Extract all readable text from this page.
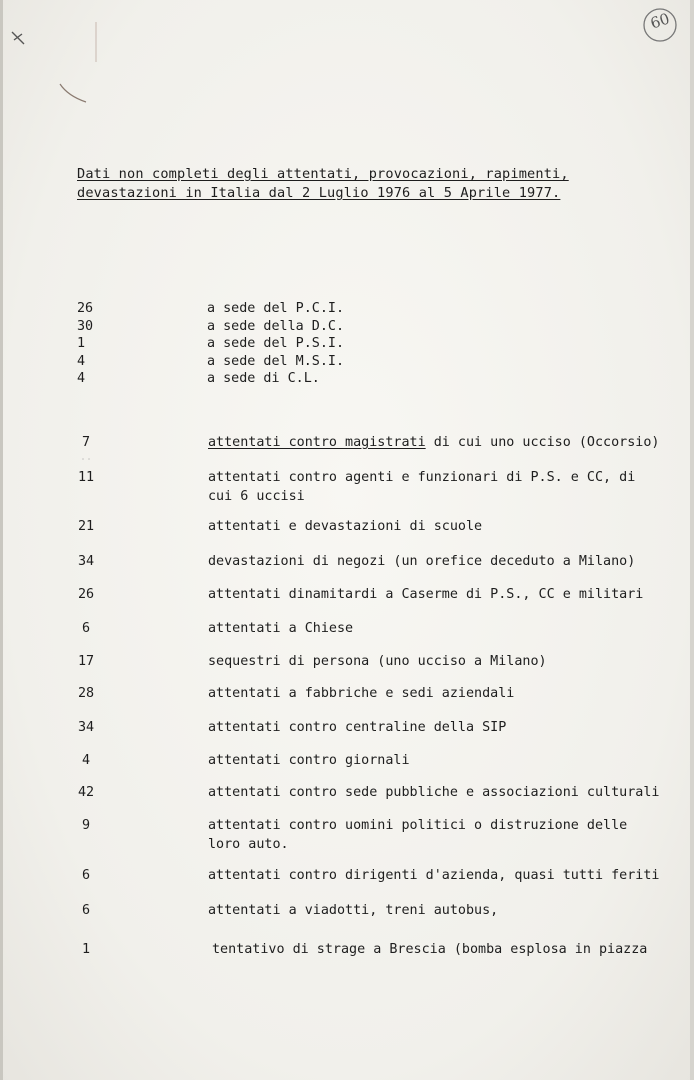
60
Dati non completi degli attentati, provocazioni, rapimenti,
devastazioni in Italia dal 2 Luglio 1976 al 5 Aprile 1977.
26	a sede del P.C.I.
30	a sede della D.C.
1	a sede del P.S.I.
4	a sede del M.S.I.
4	a sede di C.L.
7	attentati contro magistrati di cui uno ucciso (Occorsio)
˙˙
11	attentati contro agenti e funzionari di P.S. e CC, di
cui 6 uccisi
21	attentati e devastazioni di scuole
34	devastazioni di negozi (un orefice deceduto a Milano)
26	attentati dinamitardi a Caserme di P.S., CC e militari
6	attentati a Chiese
17	sequestri di persona (uno ucciso a Milano)
28	attentati a fabbriche e sedi aziendali
34	attentati contro centraline della SIP
4	attentati contro giornali
42	attentati contro sede pubbliche e associazioni culturali
9	attentati contro uomini politici o distruzione delle
loro auto.
6	attentati contro dirigenti d'azienda, quasi tutti feriti
6	attentati a viadotti, treni autobus,
1	tentativo di strage a Brescia (bomba esplosa in piazza
